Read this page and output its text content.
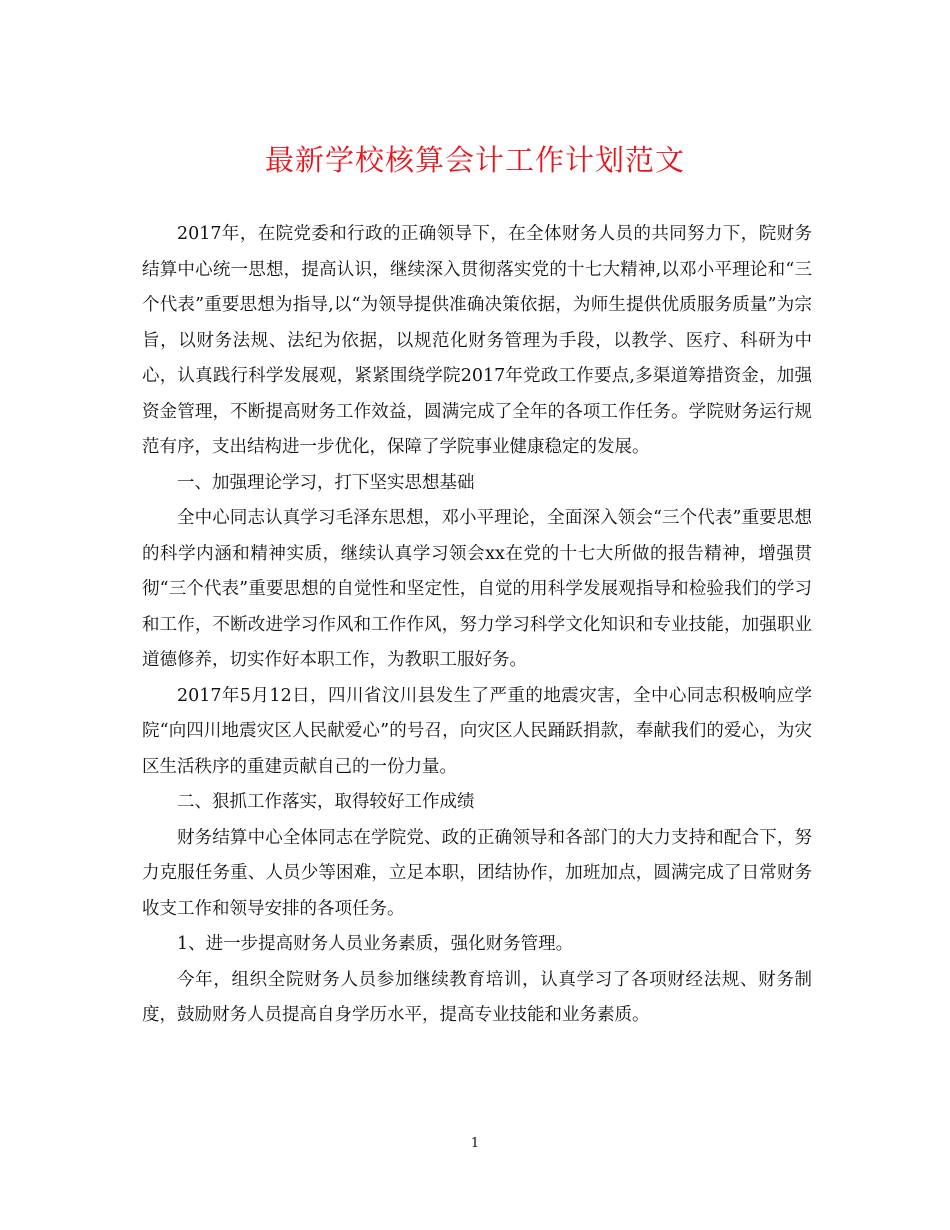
最新学校核算会计工作计划范文

2017年，在院党委和行政的正确领导下，在全体财务人员的共同努力下，院财务结算中心统一思想，提高认识，继续深入贯彻落实党的十七大精神,以邓小平理论和“三个代表”重要思想为指导,以“为领导提供准确决策依据，为师生提供优质服务质量”为宗旨，以财务法规、法纪为依据，以规范化财务管理为手段，以教学、医疗、科研为中心，认真践行科学发展观，紧紧围绕学院2017年党政工作要点,多渠道筹措资金，加强资金管理，不断提高财务工作效益，圆满完成了全年的各项工作任务。学院财务运行规范有序，支出结构进一步优化，保障了学院事业健康稳定的发展。

一、加强理论学习，打下坚实思想基础

全中心同志认真学习毛泽东思想，邓小平理论，全面深入领会“三个代表”重要思想的科学内涵和精神实质，继续认真学习领会xx在党的十七大所做的报告精神，增强贯彻“三个代表”重要思想的自觉性和坚定性，自觉的用科学发展观指导和检验我们的学习和工作，不断改进学习作风和工作作风，努力学习科学文化知识和专业技能，加强职业道德修养，切实作好本职工作，为教职工服好务。

2017年5月12日，四川省汶川县发生了严重的地震灾害，全中心同志积极响应学院“向四川地震灾区人民献爱心”的号召，向灾区人民踊跃捐款，奉献我们的爱心，为灾区生活秩序的重建贡献自己的一份力量。

二、狠抓工作落实，取得较好工作成绩

财务结算中心全体同志在学院党、政的正确领导和各部门的大力支持和配合下，努力克服任务重、人员少等困难，立足本职，团结协作，加班加点，圆满完成了日常财务收支工作和领导安排的各项任务。

1、进一步提高财务人员业务素质，强化财务管理。

今年，组织全院财务人员参加继续教育培训，认真学习了各项财经法规、财务制度，鼓励财务人员提高自身学历水平，提高专业技能和业务素质。

1
